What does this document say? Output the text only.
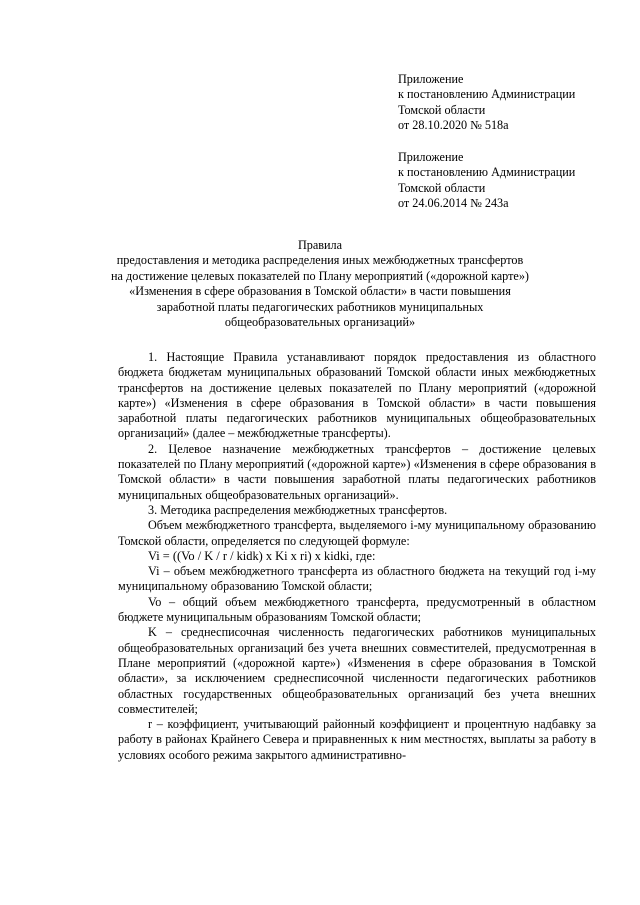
Приложение
к постановлению Администрации
Томской области
от 28.10.2020 № 518а
Приложение
к постановлению Администрации
Томской области
от 24.06.2014 № 243а
Правила
предоставления и методика распределения иных межбюджетных трансфертов
на достижение целевых показателей по Плану мероприятий («дорожной карте»)
«Изменения в сфере образования в Томской области» в части повышения
заработной платы педагогических работников муниципальных
общеобразовательных организаций»

1. Настоящие Правила устанавливают порядок предоставления из областного бюджета бюджетам муниципальных образований Томской области иных межбюджетных трансфертов на достижение целевых показателей по Плану мероприятий («дорожной карте») «Изменения в сфере образования в Томской области» в части повышения заработной платы педагогических работников муниципальных общеобразовательных организаций» (далее – межбюджетные трансферты).

2. Целевое назначение межбюджетных трансфертов – достижение целевых показателей по Плану мероприятий («дорожной карте») «Изменения в сфере образования в Томской области» в части повышения заработной платы педагогических работников муниципальных общеобразовательных организаций».

3. Методика распределения межбюджетных трансфертов.

Объем межбюджетного трансферта, выделяемого i-му муниципальному образованию Томской области, определяется по следующей формуле:

Vi = ((Vo / K / r / kidk) x Ki x ri) x kidki, где:

Vi – объем межбюджетного трансферта из областного бюджета на текущий год i-му муниципальному образованию Томской области;

Vo – общий объем межбюджетного трансферта, предусмотренный в областном бюджете муниципальным образованиям Томской области;

K – среднесписочная численность педагогических работников муниципальных общеобразовательных организаций без учета внешних совместителей, предусмотренная в Плане мероприятий («дорожной карте») «Изменения в сфере образования в Томской области», за исключением среднесписочной численности педагогических работников областных государственных общеобразовательных организаций без учета внешних совместителей;

r – коэффициент, учитывающий районный коэффициент и процентную надбавку за работу в районах Крайнего Севера и приравненных к ним местностях, выплаты за работу в условиях особого режима закрытого административно-
